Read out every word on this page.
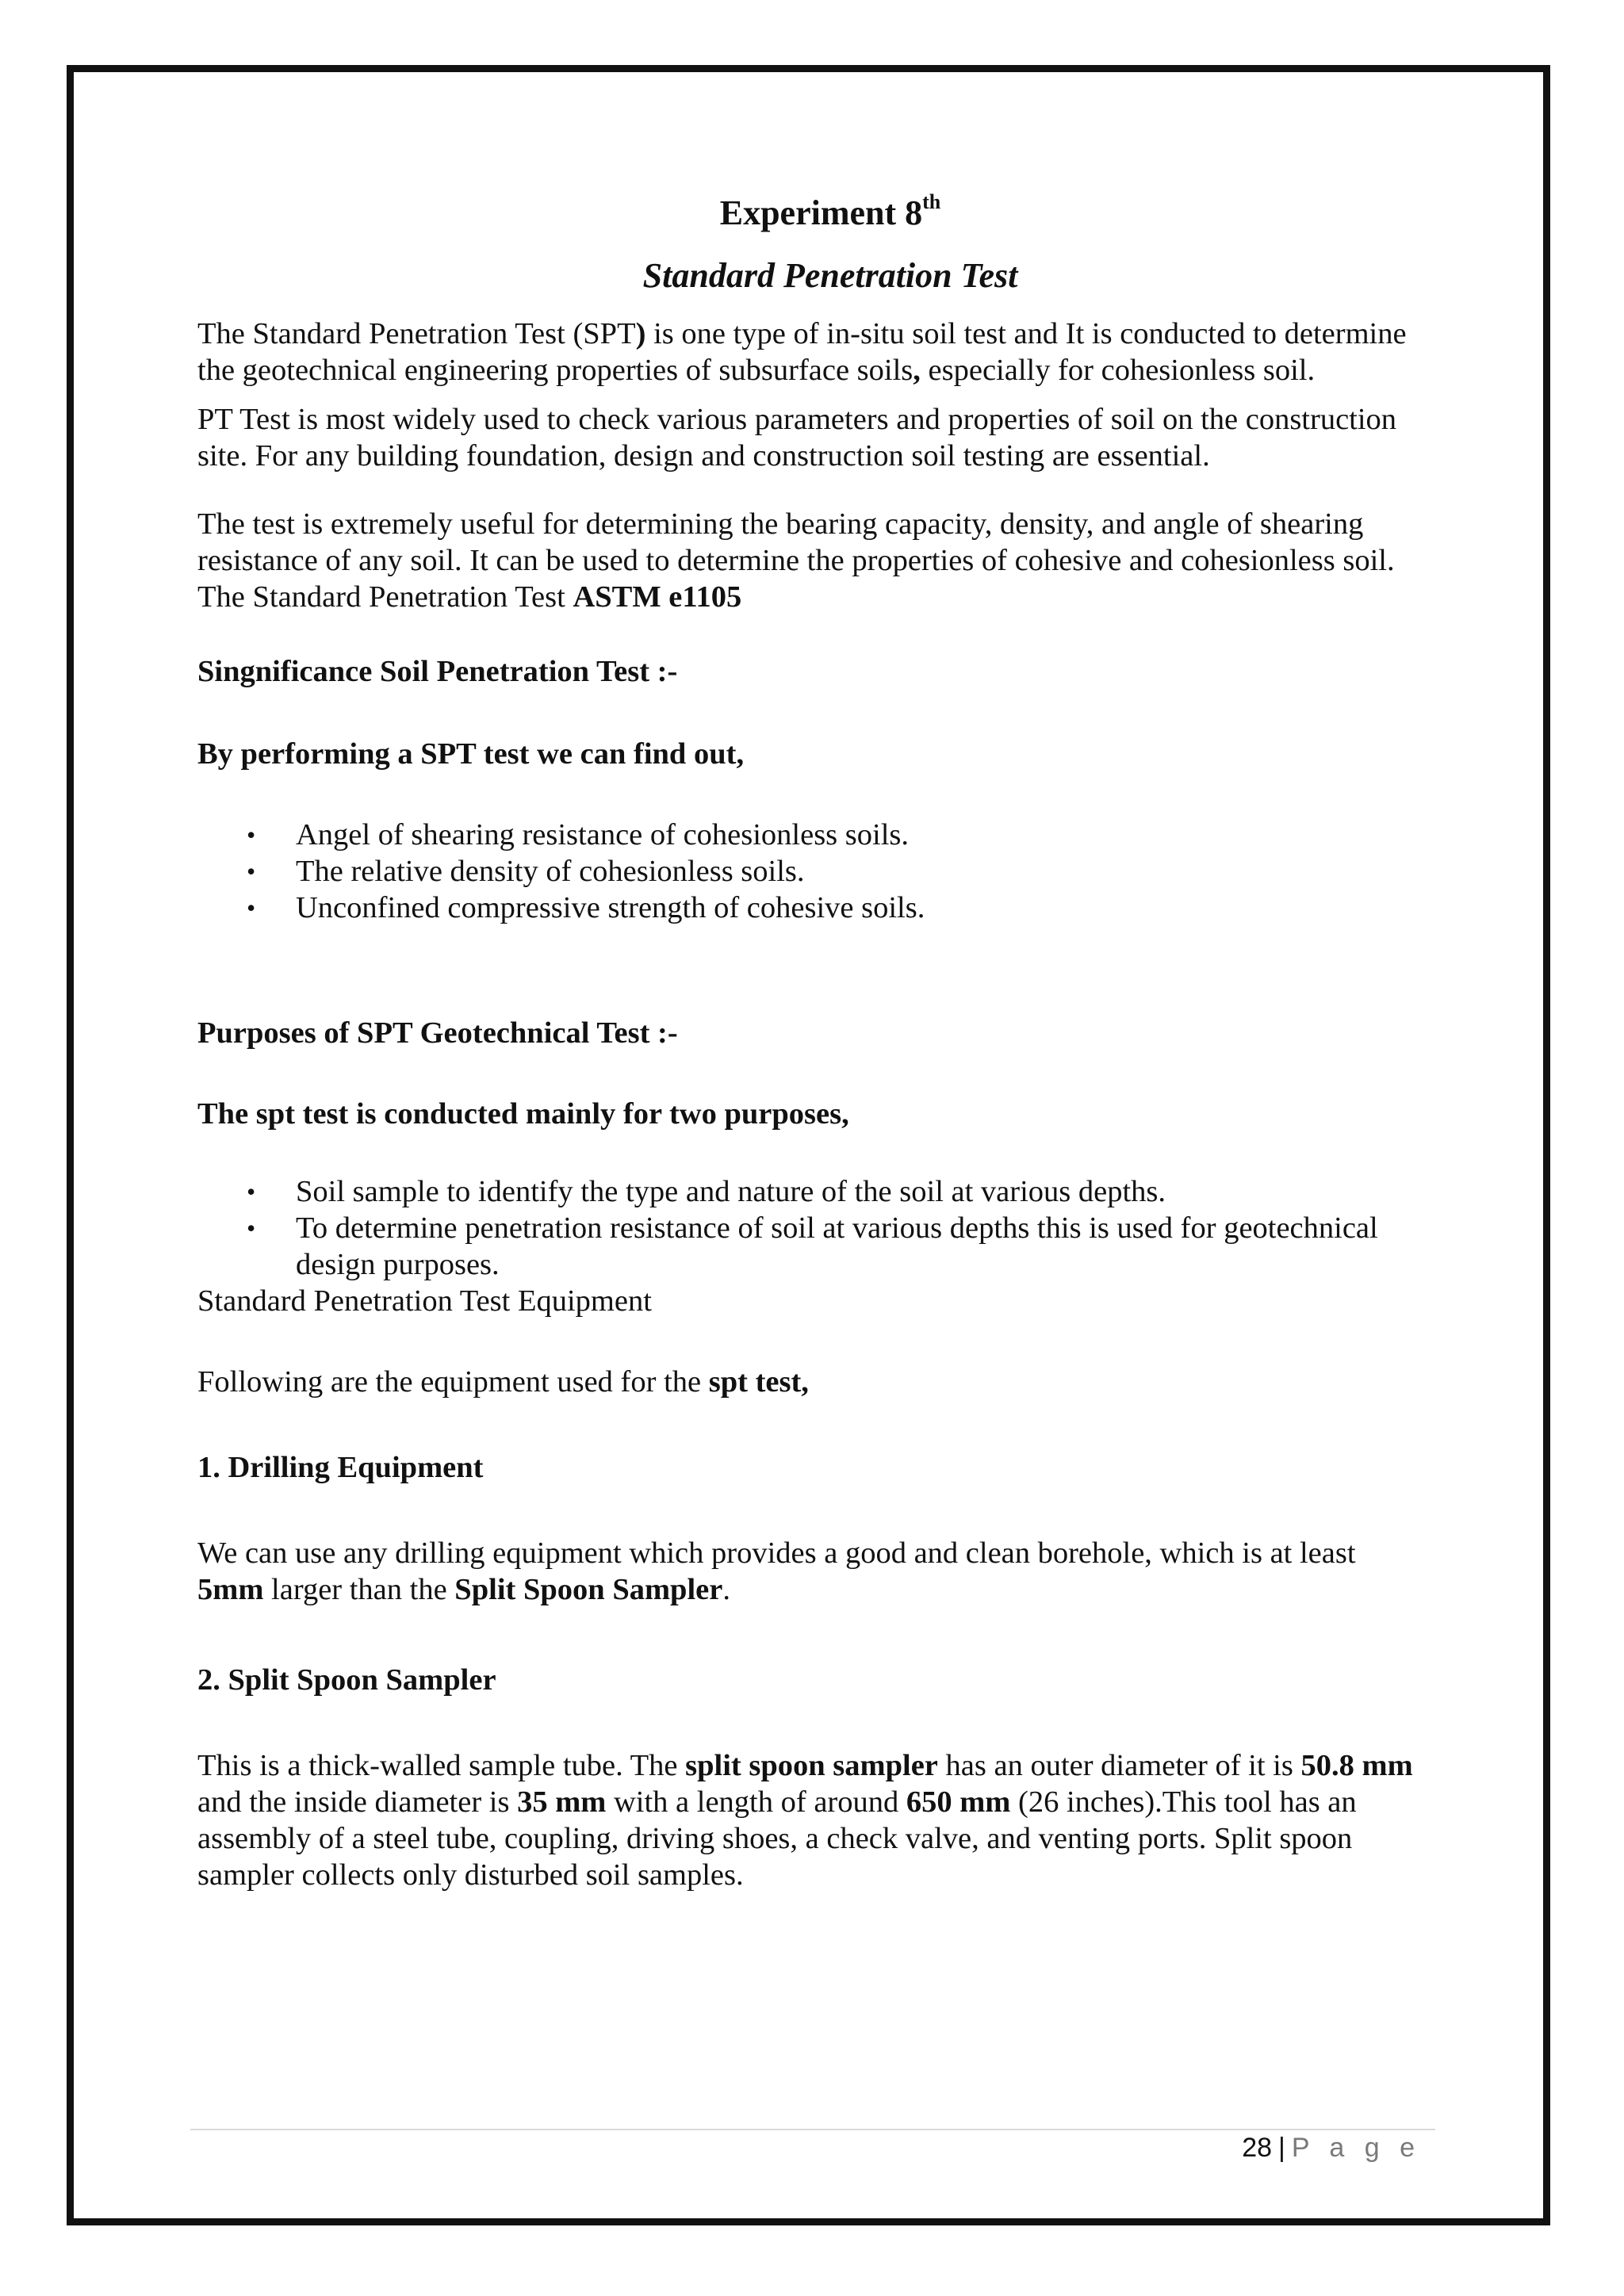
Experiment 8th
Standard Penetration Test

The Standard Penetration Test (SPT) is one type of in-situ soil test and It is conducted to determine the geotechnical engineering properties of subsurface soils, especially for cohesionless soil.

PT Test is most widely used to check various parameters and properties of soil on the construction site. For any building foundation, design and construction soil testing are essential.

The test is extremely useful for determining the bearing capacity, density, and angle of shearing resistance of any soil. It can be used to determine the properties of cohesive and cohesionless soil. The Standard Penetration Test ASTM e1105

Singnificance Soil Penetration Test :-
By performing a SPT test we can find out,
• Angel of shearing resistance of cohesionless soils.
• The relative density of cohesionless soils.
• Unconfined compressive strength of cohesive soils.
Purposes of SPT Geotechnical Test :-
The spt test is conducted mainly for two purposes,
• Soil sample to identify the type and nature of the soil at various depths.
• To determine penetration resistance of soil at various depths this is used for geotechnical design purposes.

Standard Penetration Test Equipment

Following are the equipment used for the spt test,

1. Drilling Equipment

We can use any drilling equipment which provides a good and clean borehole, which is at least 5mm larger than the Split Spoon Sampler.

2. Split Spoon Sampler

This is a thick-walled sample tube. The split spoon sampler has an outer diameter of it is 50.8 mm and the inside diameter is 35 mm with a length of around 650 mm (26 inches).This tool has an assembly of a steel tube, coupling, driving shoes, a check valve, and venting ports. Split spoon sampler collects only disturbed soil samples.

28 | P a g e
